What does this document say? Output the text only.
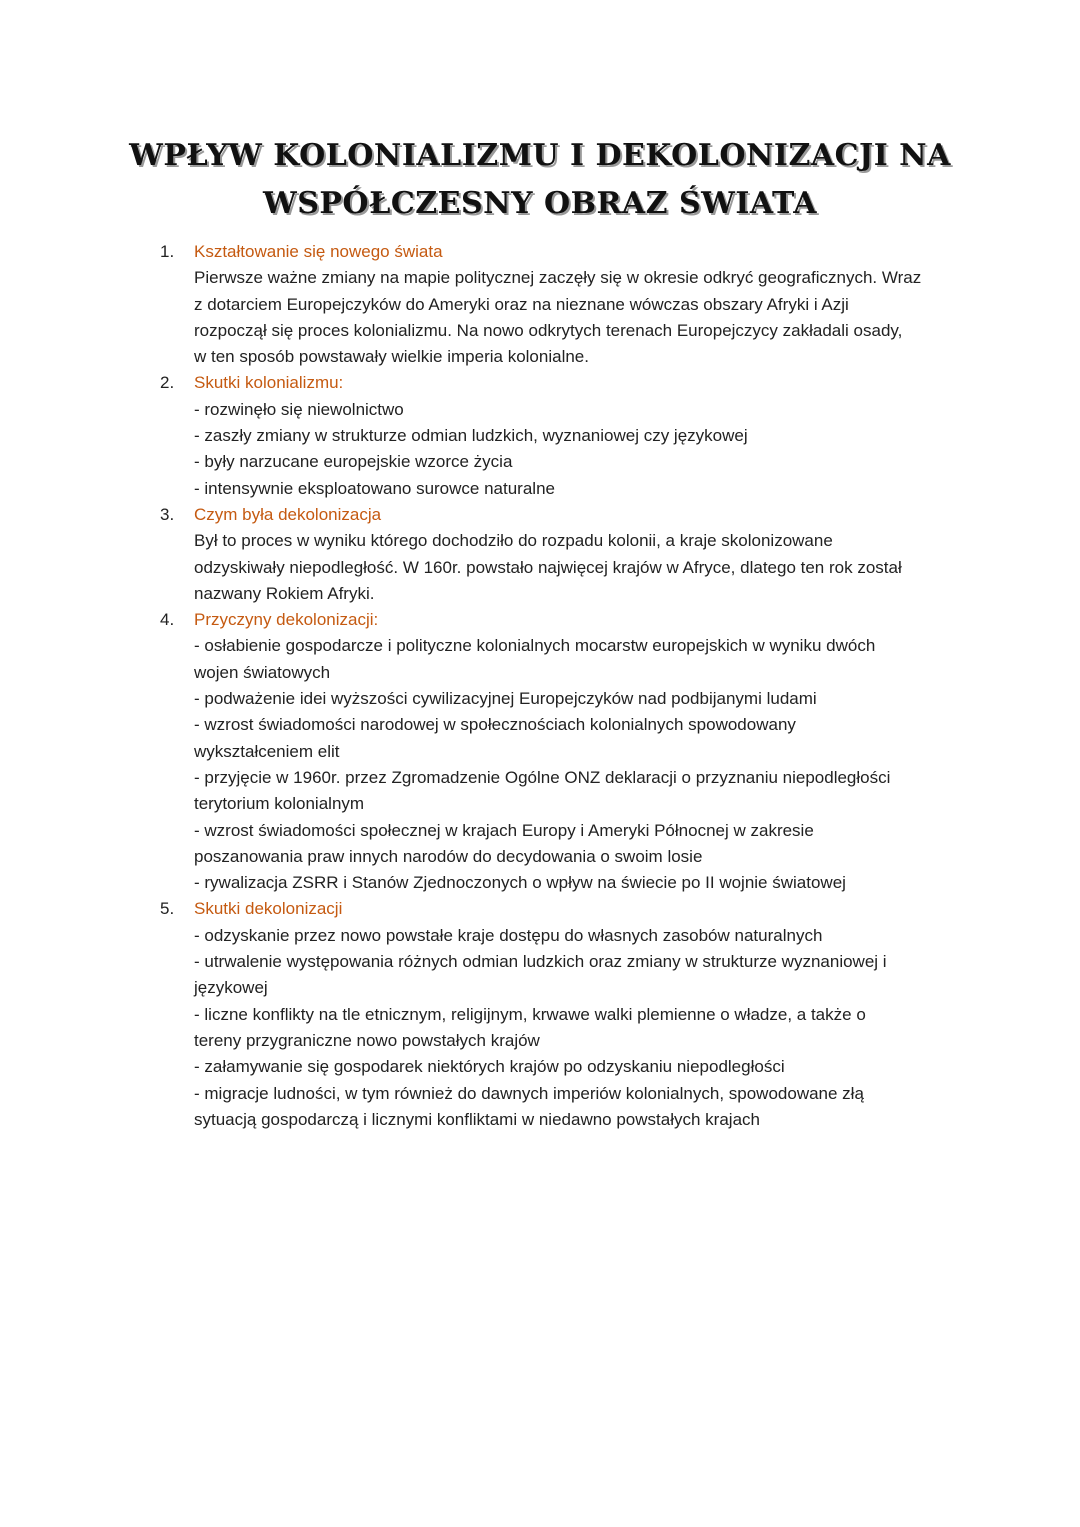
WPŁYW KOLONIALIZMU I DEKOLONIZACJI NA
WSPÓŁCZESNY OBRAZ ŚWIATA
1.	Kształtowanie się nowego świata
Pierwsze ważne zmiany na mapie politycznej zaczęły się w okresie odkryć geograficznych. Wraz
z dotarciem Europejczyków do Ameryki oraz na nieznane wówczas obszary Afryki i Azji
rozpoczął się proces kolonializmu. Na nowo odkrytych terenach Europejczycy zakładali osady,
w ten sposób powstawały wielkie imperia kolonialne.
2.	Skutki kolonializmu:
- rozwinęło się niewolnictwo
- zaszły zmiany w strukturze odmian ludzkich, wyznaniowej czy językowej
- były narzucane europejskie wzorce życia
- intensywnie eksploatowano surowce naturalne
3.	Czym była dekolonizacja
Był to proces w wyniku którego dochodziło do rozpadu kolonii, a kraje skolonizowane
odzyskiwały niepodległość. W 160r. powstało najwięcej krajów w Afryce, dlatego ten rok został
nazwany Rokiem Afryki.
4.	Przyczyny dekolonizacji:
- osłabienie gospodarcze i polityczne kolonialnych mocarstw europejskich w wyniku dwóch
wojen światowych
- podważenie idei wyższości cywilizacyjnej Europejczyków nad podbijanymi ludami
- wzrost świadomości narodowej w społecznościach kolonialnych spowodowany
wykształceniem elit
- przyjęcie w 1960r. przez Zgromadzenie Ogólne ONZ deklaracji o przyznaniu niepodległości
terytorium kolonialnym
- wzrost świadomości społecznej w krajach Europy i Ameryki Północnej w zakresie
poszanowania praw innych narodów do decydowania o swoim losie
- rywalizacja ZSRR i Stanów Zjednoczonych o wpływ na świecie po II wojnie światowej
5.	Skutki dekolonizacji
- odzyskanie przez nowo powstałe kraje dostępu do własnych zasobów naturalnych
- utrwalenie występowania różnych odmian ludzkich oraz zmiany w strukturze wyznaniowej i
językowej
- liczne konflikty na tle etnicznym, religijnym, krwawe walki plemienne o władze, a także o
tereny przygraniczne nowo powstałych krajów
- załamywanie się gospodarek niektórych krajów po odzyskaniu niepodległości
- migracje ludności, w tym również do dawnych imperiów kolonialnych, spowodowane złą
sytuacją gospodarczą i licznymi konfliktami w niedawno powstałych krajach
